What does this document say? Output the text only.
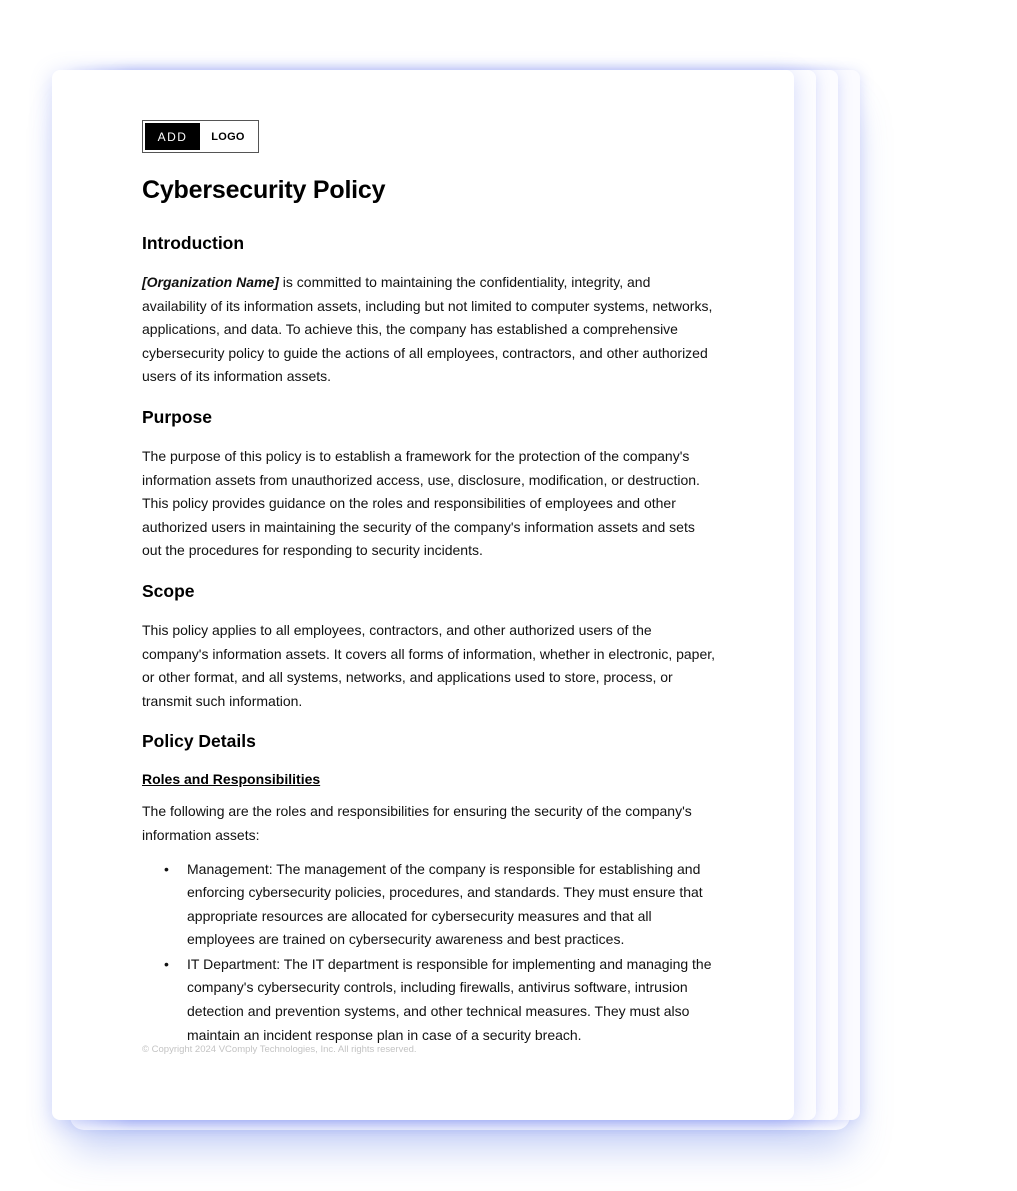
ADD	LOGO
Cybersecurity Policy
Introduction

[Organization Name] is committed to maintaining the confidentiality, integrity, and availability of its information assets, including but not limited to computer systems, networks, applications, and data. To achieve this, the company has established a comprehensive cybersecurity policy to guide the actions of all employees, contractors, and other authorized users of its information assets.

Purpose

The purpose of this policy is to establish a framework for the protection of the company's information assets from unauthorized access, use, disclosure, modification, or destruction. This policy provides guidance on the roles and responsibilities of employees and other authorized users in maintaining the security of the company's information assets and sets out the procedures for responding to security incidents.

Scope

This policy applies to all employees, contractors, and other authorized users of the company's information assets. It covers all forms of information, whether in electronic, paper, or other format, and all systems, networks, and applications used to store, process, or transmit such information.

Policy Details
Roles and Responsibilities

The following are the roles and responsibilities for ensuring the security of the company's information assets:

• Management: The management of the company is responsible for establishing and enforcing cybersecurity policies, procedures, and standards. They must ensure that appropriate resources are allocated for cybersecurity measures and that all employees are trained on cybersecurity awareness and best practices.
• IT Department: The IT department is responsible for implementing and managing the company's cybersecurity controls, including firewalls, antivirus software, intrusion detection and prevention systems, and other technical measures. They must also maintain an incident response plan in case of a security breach.
© Copyright 2024 VComply Technologies, Inc. All rights reserved.
